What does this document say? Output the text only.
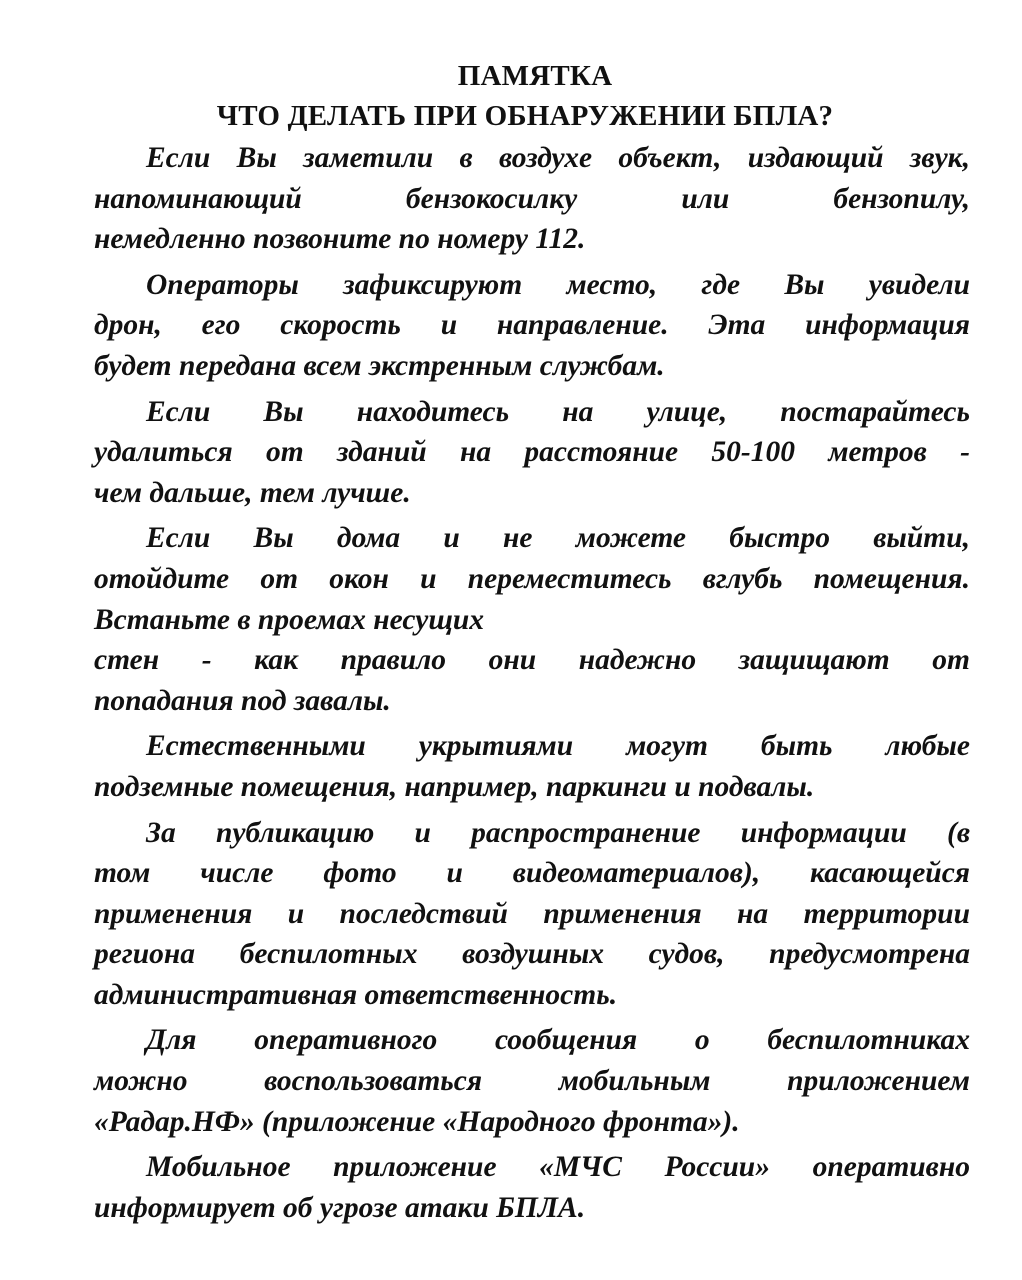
ПАМЯТКА
ЧТО ДЕЛАТЬ ПРИ ОБНАРУЖЕНИИ БПЛА?
Если Вы заметили в воздухе объект, издающий звук,
напоминающий бензокосилку или бензопилу,
немедленно позвоните по номеру 112.
Операторы зафиксируют место, где Вы увидели
дрон, его скорость и направление. Эта информация
будет передана всем экстренным службам.
Если Вы находитесь на улице, постарайтесь
удалиться от зданий на расстояние 50-100 метров -
чем дальше, тем лучше.
Если Вы дома и не можете быстро выйти,
отойдите от окон и переместитесь вглубь помещения.
Встаньте в проемах несущих
стен - как правило они надежно защищают от
попадания под завалы.
Естественными укрытиями могут быть любые
подземные помещения, например, паркинги и подвалы.
За публикацию и распространение информации (в
том числе фото и видеоматериалов), касающейся
применения и последствий применения на территории
региона беспилотных воздушных судов, предусмотрена
административная ответственность.
Для оперативного сообщения о беспилотниках
можно воспользоваться мобильным приложением
«Радар.НФ» (приложение «Народного фронта»).
Мобильное приложение «МЧС России» оперативно
информирует об угрозе атаки БПЛА.
